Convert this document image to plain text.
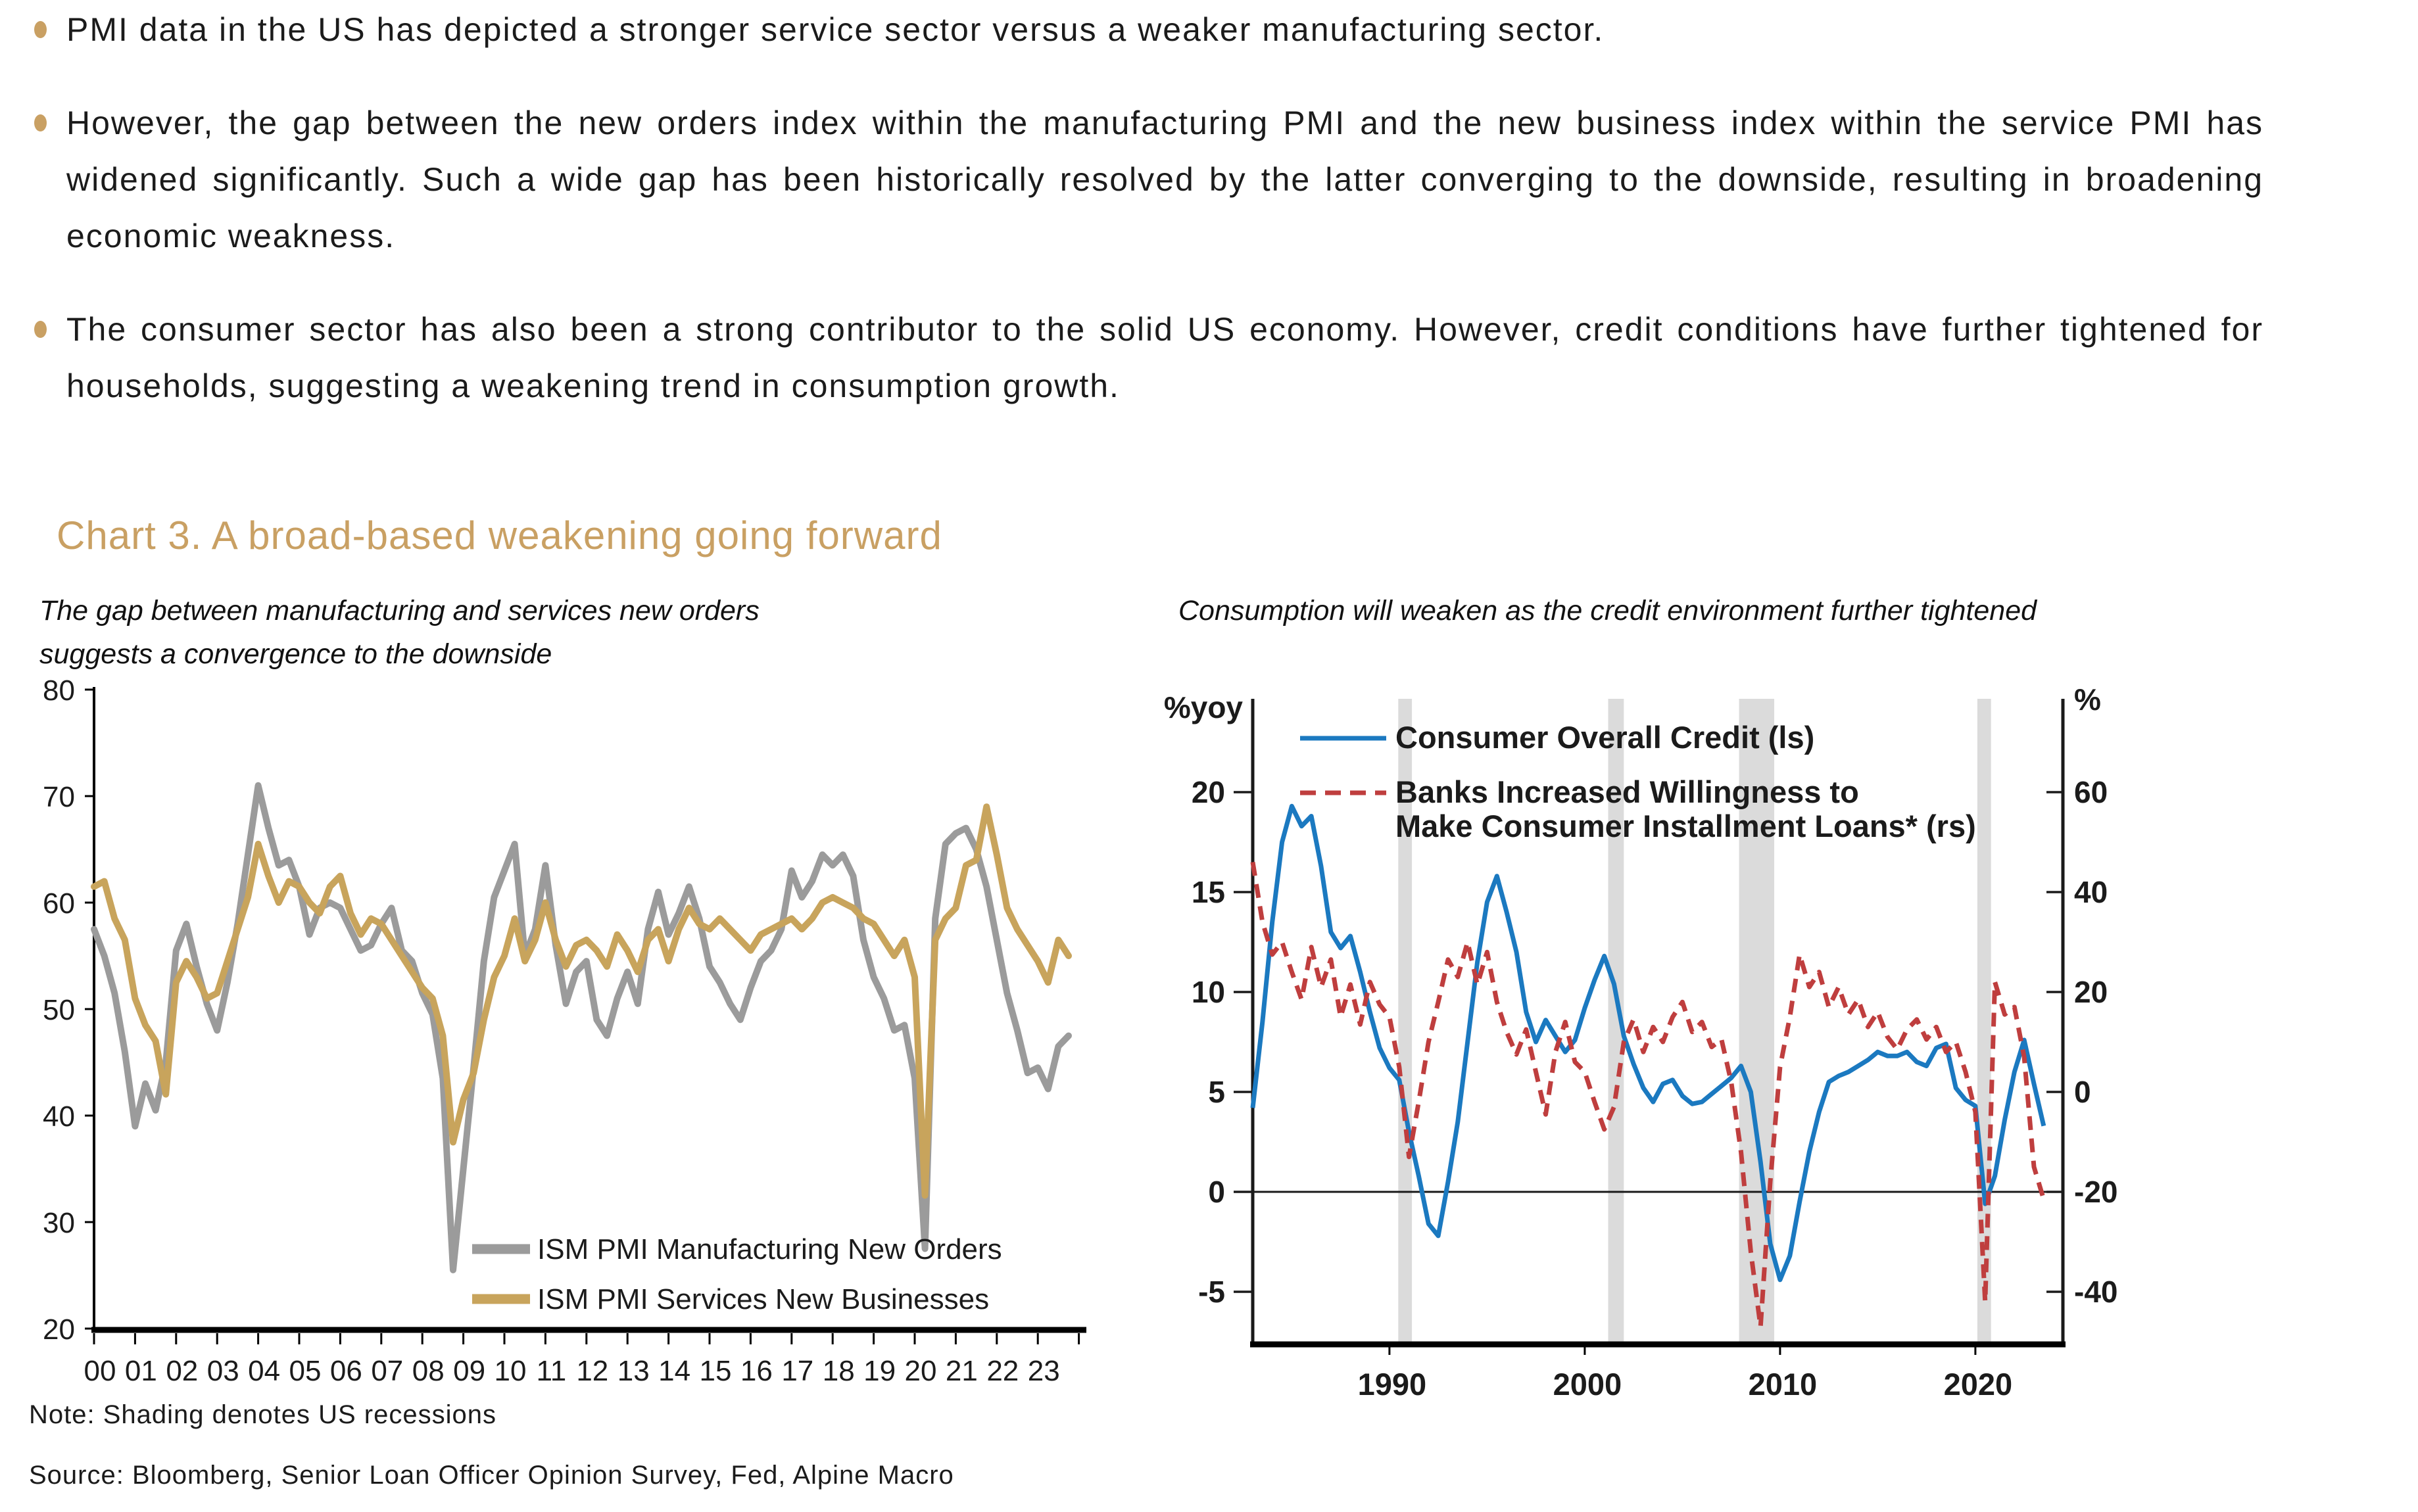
PMI data in the US has depicted a stronger service sector versus a weaker manufacturing sector.
However, the gap between the new orders index within the manufacturing PMI and the new business index within the service PMI has widened significantly. Such a wide gap has been historically resolved by the latter converging to the downside, resulting in broadening economic weakness.
The consumer sector has also been a strong contributor to the solid US economy. However, credit conditions have further tightened for households, suggesting a weakening trend in consumption growth.
Chart 3. A broad-based weakening going forward
The gap between manufacturing and services new orders suggests a convergence to the downside
Consumption will weaken as the credit environment further tightened
80
70
60
50
40
30
20
00 01 02 03 04 05 06 07 08 09 10 11 12 13 14 15 16 17 18 19 20 21 22 23
ISM PMI Manufacturing New Orders
ISM PMI Services New Businesses
20
15
10
5
0
-5
60
40
20
0
-20
-40
%yoy	%
1990	2000	2010	2020
Consumer Overall Credit (ls)
Banks Increased Willingness to
Make Consumer Installment Loans* (rs)
Note: Shading denotes US recessions
Source: Bloomberg, Senior Loan Officer Opinion Survey, Fed, Alpine Macro
